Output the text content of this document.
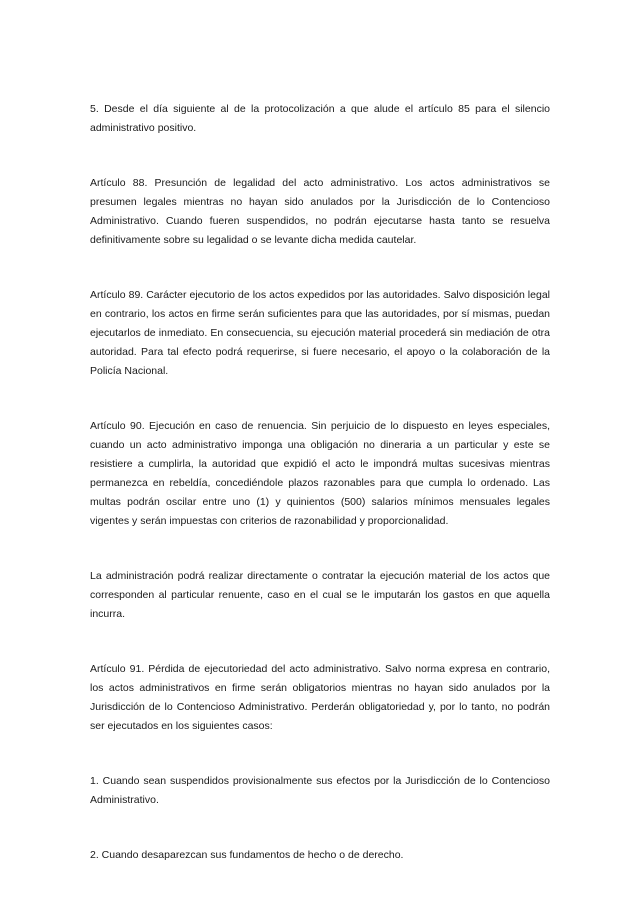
5. Desde el día siguiente al de la protocolización a que alude el artículo 85 para el silencio administrativo positivo.

Artículo 88. Presunción de legalidad del acto administrativo. Los actos administrativos se presumen legales mientras no hayan sido anulados por la Jurisdicción de lo Contencioso Administrativo. Cuando fueren suspendidos, no podrán ejecutarse hasta tanto se resuelva definitivamente sobre su legalidad o se levante dicha medida cautelar.

Artículo 89. Carácter ejecutorio de los actos expedidos por las autoridades. Salvo disposición legal en contrario, los actos en firme serán suficientes para que las autoridades, por sí mismas, puedan ejecutarlos de inmediato. En consecuencia, su ejecución material procederá sin mediación de otra autoridad. Para tal efecto podrá requerirse, si fuere necesario, el apoyo o la colaboración de la Policía Nacional.

Artículo 90. Ejecución en caso de renuencia. Sin perjuicio de lo dispuesto en leyes especiales, cuando un acto administrativo imponga una obligación no dineraria a un particular y este se resistiere a cumplirla, la autoridad que expidió el acto le impondrá multas sucesivas mientras permanezca en rebeldía, concediéndole plazos razonables para que cumpla lo ordenado. Las multas podrán oscilar entre uno (1) y quinientos (500) salarios mínimos mensuales legales vigentes y serán impuestas con criterios de razonabilidad y proporcionalidad.

La administración podrá realizar directamente o contratar la ejecución material de los actos que corresponden al particular renuente, caso en el cual se le imputarán los gastos en que aquella incurra.

Artículo 91. Pérdida de ejecutoriedad del acto administrativo. Salvo norma expresa en contrario, los actos administrativos en firme serán obligatorios mientras no hayan sido anulados por la Jurisdicción de lo Contencioso Administrativo. Perderán obligatoriedad y, por lo tanto, no podrán ser ejecutados en los siguientes casos:

1. Cuando sean suspendidos provisionalmente sus efectos por la Jurisdicción de lo Contencioso Administrativo.

2. Cuando desaparezcan sus fundamentos de hecho o de derecho.
